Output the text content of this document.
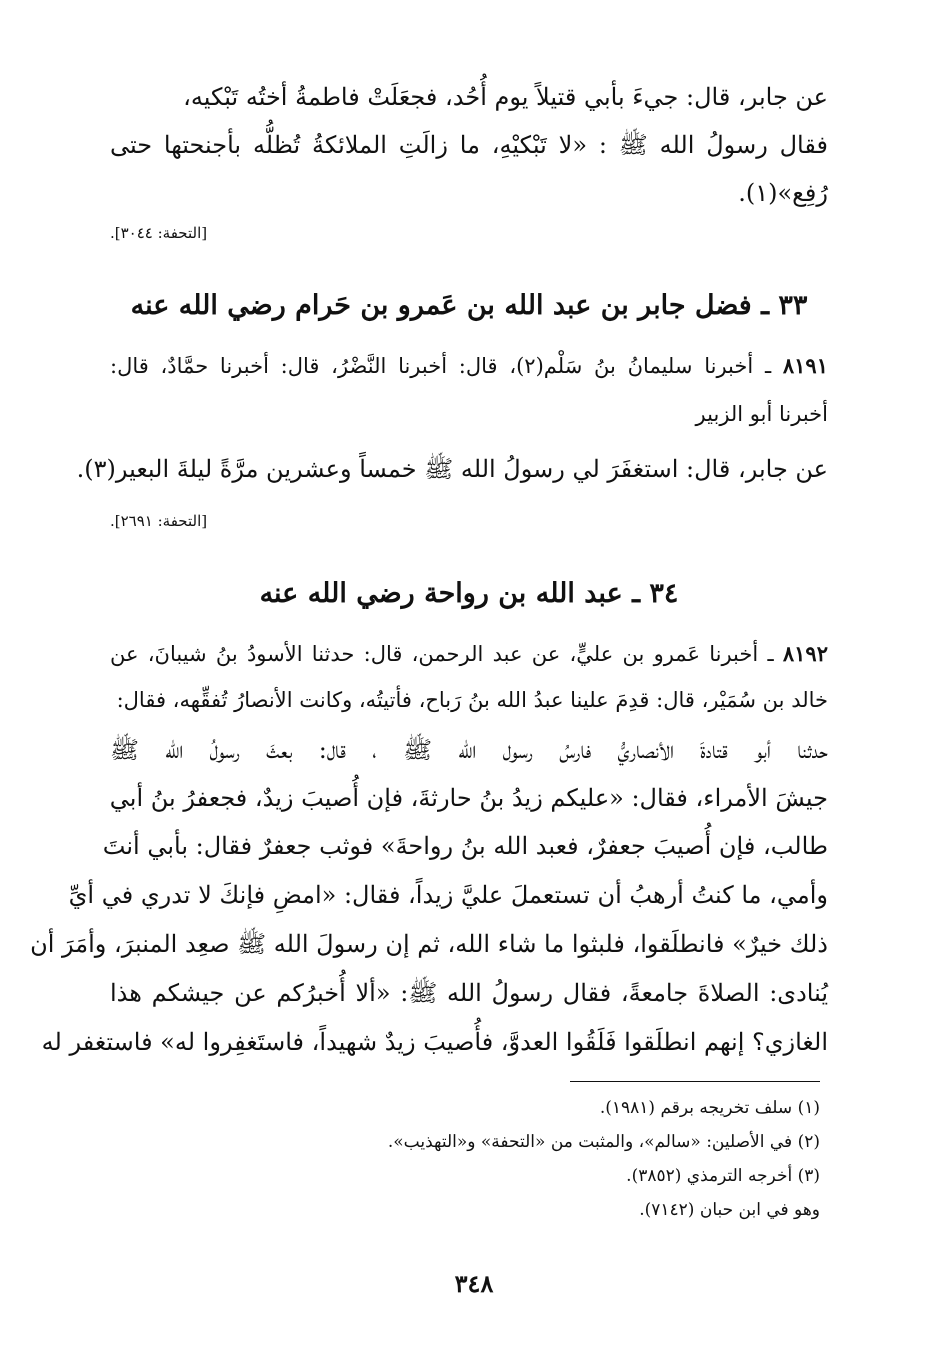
عن جابر، قال: جيءَ بأبي قتيلاً يوم أُحُد، فجعَلَتْ فاطمةُ أختُه تَبْكيه،
فقال رسولُ الله ﷺ : «لا تَبْكيْهِ، ما زالَتِ الملائكةُ تُظلُّه بأجنحتها حتى
رُفِع»(١).
[التحفة: ٣٠٤٤].
٣٣ ـ فضل جابر بن عبد الله بن عَمرو بن حَرام رضي الله عنه
٨١٩١ ـ أخبرنا سليمانُ بنُ سَلْم(٢)، قال: أخبرنا النَّضْرُ، قال: أخبرنا حمَّادٌ، قال:
أخبرنا أبو الزبير
عن جابر، قال: استغفَرَ لي رسولُ الله ﷺ خمساً وعشرين مرَّةً ليلةَ البعير(٣).
[التحفة: ٢٦٩١].
٣٤ ـ عبد الله بن رواحة رضي الله عنه
٨١٩٢ ـ أخبرنا عَمرو بن عليٍّ، عن عبد الرحمن، قال: حدثنا الأسودُ بنُ شيبانَ، عن
خالد بن سُمَيْر، قال: قدِمَ علينا عبدُ الله بنُ رَباح، فأتيتُه، وكانت الأنصارُ تُفقِّهه، فقال:
حدثنا أبو قتادةَ الأنصاريُّ فارسُ رسول الله ﷺ ، قال: بعثَ رسولُ الله ﷺ
جيشَ الأمراء، فقال: «عليكم زيدُ بنُ حارثةَ، فإن أُصيبَ زيدٌ، فجعفرُ بنُ أبي
طالب، فإن أُصيبَ جعفرٌ، فعبد الله بنُ رواحةَ» فوثب جعفرٌ فقال: بأبي أنتَ
وأمي، ما كنتُ أرهبُ أن تستعملَ عليَّ زيداً، فقال: «امضِ فإنكَ لا تدري في أيِّ
ذلك خيرٌ» فانطلَقوا، فلبثوا ما شاء الله، ثم إن رسولَ الله ﷺ صعِد المنبرَ، وأمَرَ أن
يُنادى: الصلاةَ جامعةً، فقال رسولُ الله ﷺ: «ألا أُخبرُكم عن جيشكم هذا
الغازي؟ إنهم انطلَقوا فَلَقُوا العدوَّ، فأُصيبَ زيدٌ شهيداً، فاستَغفِروا له» فاستغفر له
(١) سلف تخريجه برقم (١٩٨١).
(٢) في الأصلين: «سالم»، والمثبت من «التحفة» و«التهذيب».
(٣) أخرجه الترمذي (٣٨٥٢).
وهو في ابن حبان (٧١٤٢).
٣٤٨
